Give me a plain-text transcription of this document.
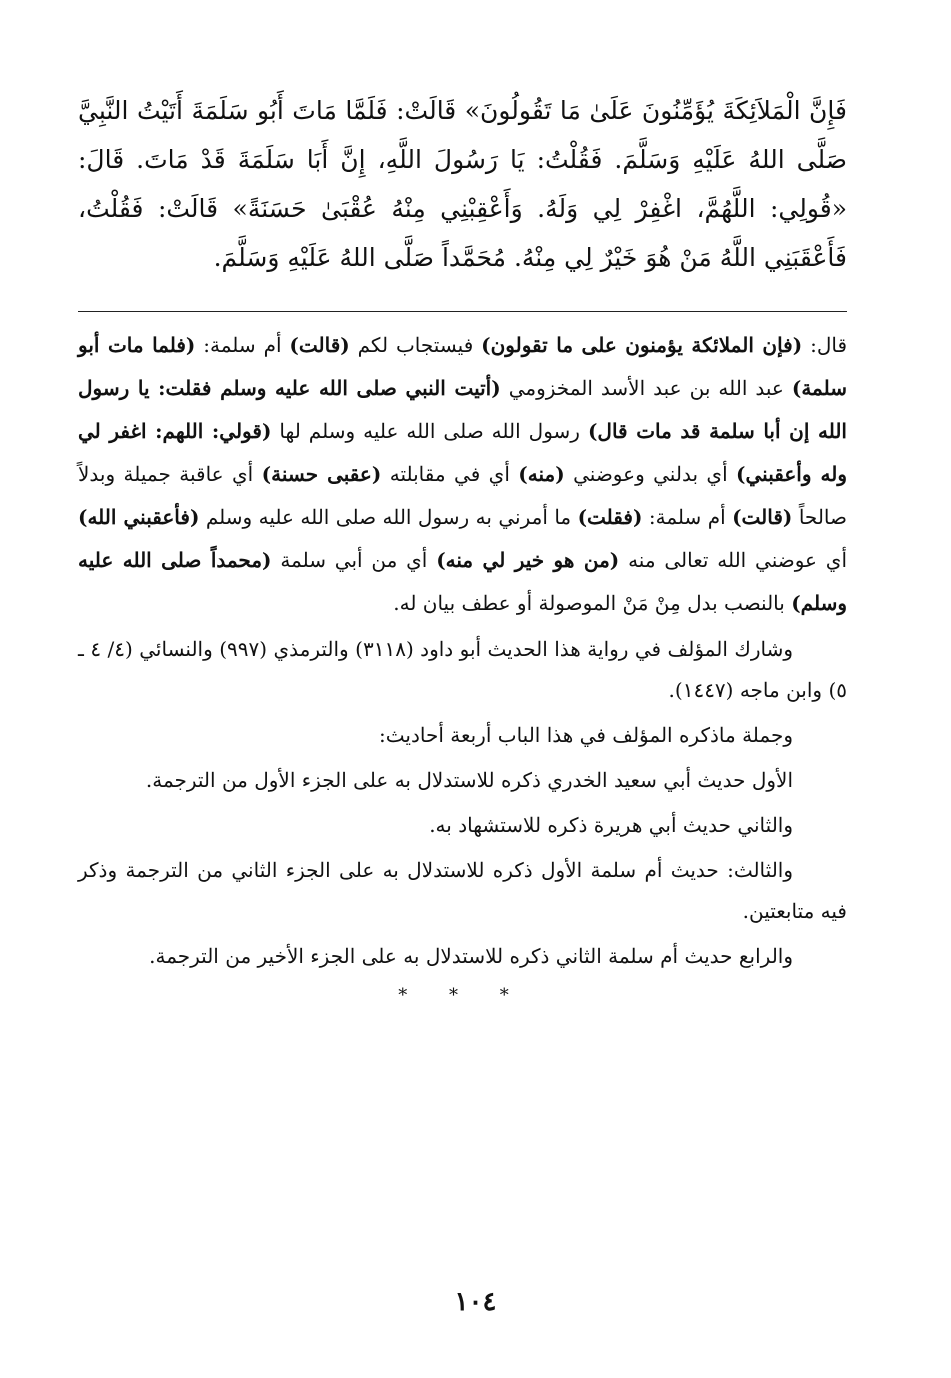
فَإِنَّ الْمَلاَئِكَةَ يُؤَمِّنُونَ عَلَىٰ مَا تَقُولُونَ» قَالَتْ: فَلَمَّا مَاتَ أَبُو سَلَمَةَ أَتَيْتُ النَّبِيَّ صَلَّى اللهُ عَلَيْهِ وَسَلَّمَ. فَقُلْتُ: يَا رَسُولَ اللَّهِ، إِنَّ أَبَا سَلَمَةَ قَدْ مَاتَ. قَالَ: «قُولِي: اللَّهُمَّ، اغْفِرْ لِي وَلَهُ. وَأَعْقِبْنِي مِنْهُ عُقْبَىٰ حَسَنَةً» قَالَتْ: فَقُلْتُ، فَأَعْقَبَنِي اللَّهُ مَنْ هُوَ خَيْرٌ لِي مِنْهُ. مُحَمَّداً صَلَّى اللهُ عَلَيْهِ وَسَلَّمَ.

قال: (فإن الملائكة يؤمنون على ما تقولون) فيستجاب لكم (قالت) أم سلمة: (فلما مات أبو سلمة) عبد الله بن عبد الأسد المخزومي (أتيت النبي صلى الله عليه وسلم فقلت: يا رسول الله إن أبا سلمة قد مات قال) رسول الله صلى الله عليه وسلم لها (قولي: اللهم: اغفر لي وله وأعقبني) أي بدلني وعوضني (منه) أي في مقابلته (عقبى حسنة) أي عاقبة جميلة وبدلاً صالحاً (قالت) أم سلمة: (فقلت) ما أمرني به رسول الله صلى الله عليه وسلم (فأعقبني الله) أي عوضني الله تعالى منه (من هو خير لي منه) أي من أبي سلمة (محمداً صلى الله عليه وسلم) بالنصب بدل مِنْ مَنْ الموصولة أو عطف بيان له.

وشارك المؤلف في رواية هذا الحديث أبو داود (٣١١٨) والترمذي (٩٩٧) والنسائي (٤/ ٤ ـ ٥) وابن ماجه (١٤٤٧).

وجملة ماذكره المؤلف في هذا الباب أربعة أحاديث:

الأول حديث أبي سعيد الخدري ذكره للاستدلال به على الجزء الأول من الترجمة.

والثاني حديث أبي هريرة ذكره للاستشهاد به.

والثالث: حديث أم سلمة الأول ذكره للاستدلال به على الجزء الثاني من الترجمة وذكر فيه متابعتين.

والرابع حديث أم سلمة الثاني ذكره للاستدلال به على الجزء الأخير من الترجمة.

* * *
١٠٤
